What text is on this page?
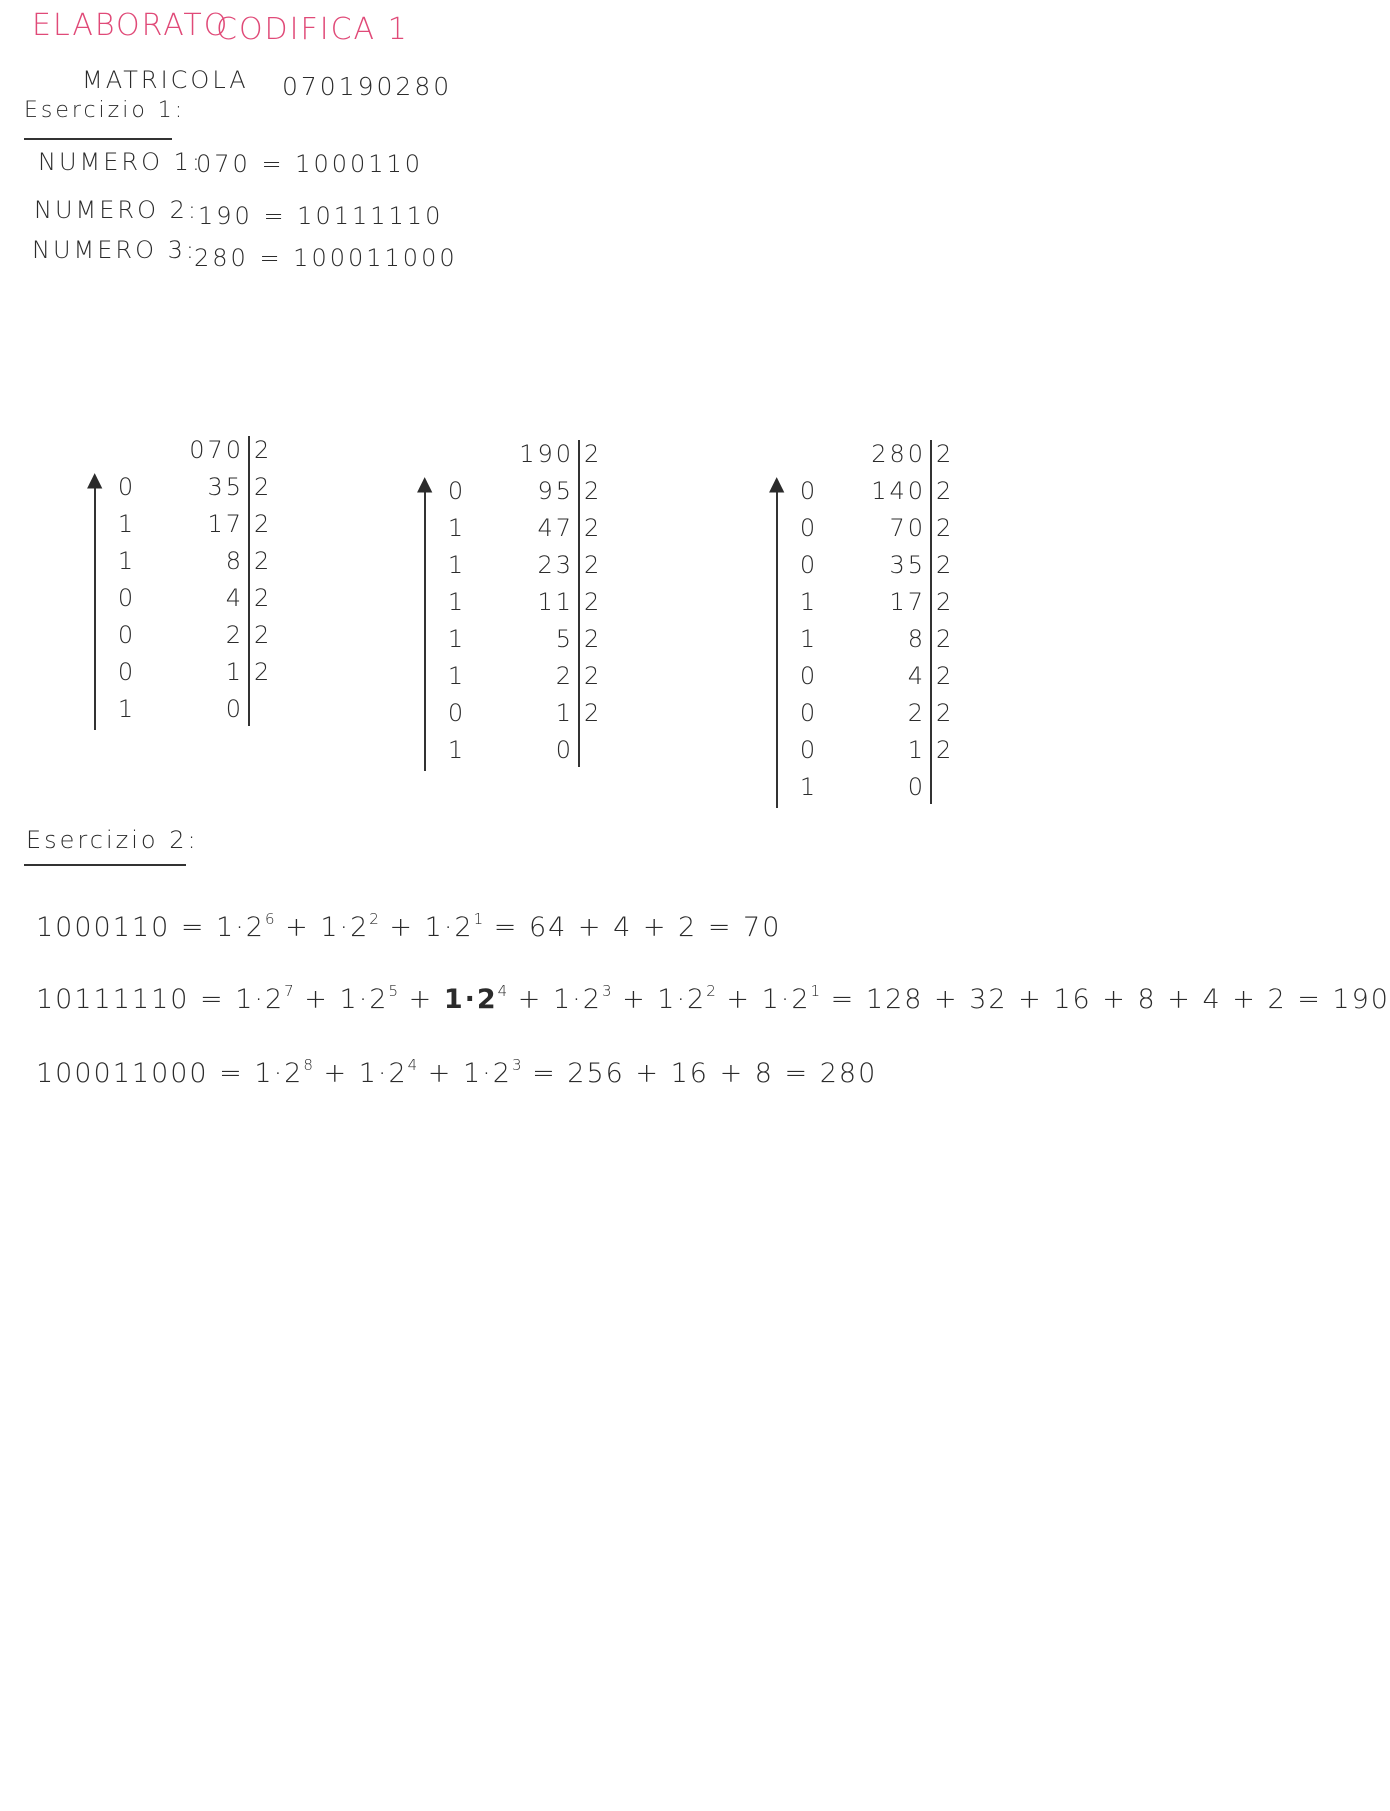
ELABORATO
CODIFICA 1
MATRICOLA 070190280
Esercizio 1:
NUMERO 1:
070 = 1000110
NUMERO 2: 190 = 10111110
NUMERO 3:
280 = 100011000
0
1
1
0
0
0
1
070
35
17
8
4
2
1
0
2
2
2
2
2
2
2
▲	0
1
1
1
1
1
0
1
190
95
47
23
11
5
2
1
0
2
2
2
2
2
2
2
2
▲	0
0
0
1
1
0
0
0
1
280
140
70
35
17
8
4
2
1
0
2
2
2
2
2
2
2
2
2
▲
Esercizio 2:
$1000110 = 1\cdot 2^6 + 1\cdot 2^2 + 1\cdot 2^1 = 64 + 4 + 2 = 70$
$10111110 = 1\cdot 2^7 + 1\cdot 2^5 + 1\cdot 2^4 + 1\cdot 2^3 + 1\cdot 2^2 + 1\cdot 2^1 = 128 + 32 + 16 + 8 + 4 + 2 = 190$
$100011000 = 1\cdot 2^8 + 1\cdot 2^4 + 1\cdot 2^3 = 256 + 16 + 8 = 280$
